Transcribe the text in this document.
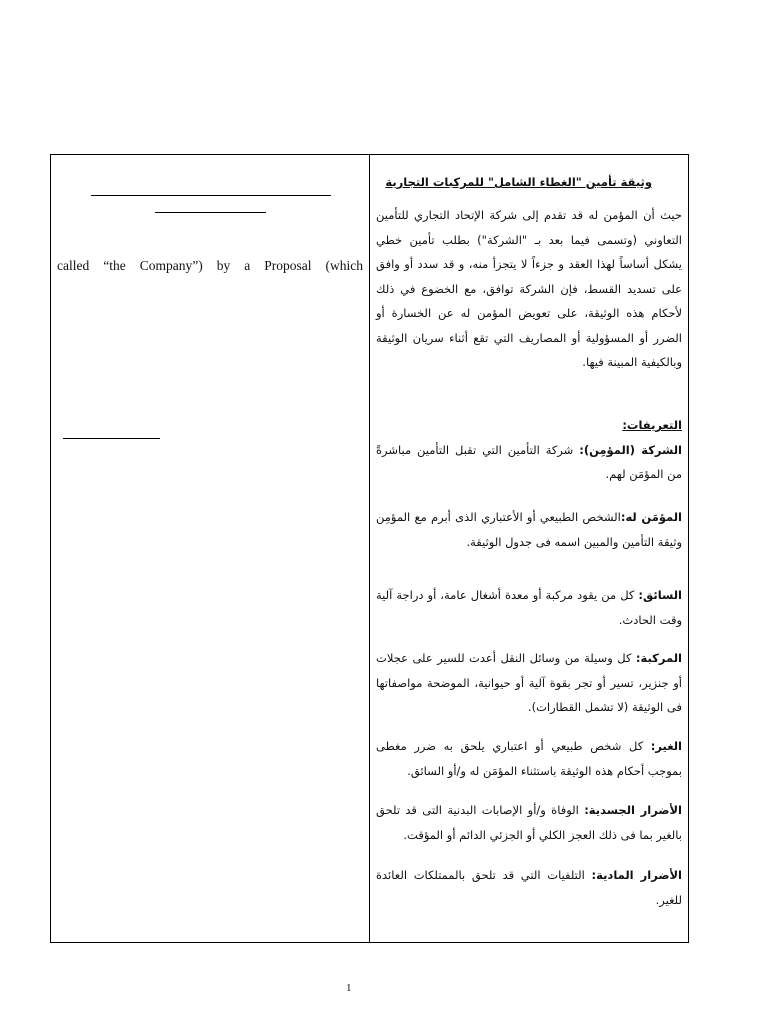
called “the Company”) by a Proposal (which
وثيقة تأمين "الغطاء الشامل" للمركبات التجارية
حيث أن المؤمن له قد تقدم إلى شركة الإتحاد التجاري للتأمين التعاوني (وتسمى فيما بعد بـ "الشركة") بطلب تأمين خطي يشكل أساساً لهذا العقد و جزءاً لا يتجزأ منه، و قد سدد أو وافق على تسديد القسط، فإن الشركة توافق، مع الخضوع في ذلك لأحكام هذه الوثيقة، على تعويض المؤمن له عن الخسارة أو الضرر أو المسؤولية أو المصاريف التي تقع أثناء سريان الوثيقة وبالكيفية المبينة فيها.
التعريفات:
الشركة (المؤمِن): شركة التأمين التي تقبل التأمين مباشرةً من المؤمَن لهم.
المؤمَن له:الشخص الطبيعي أو الأعتباري الذى أبرم مع المؤمِن وثيقة التأمين والمبين اسمه فى جدول الوثيقة.
السائق: كل من يقود مركبة أو معدة أشغال عامة، أو دراجة آلية وقت الحادث.
المركبة: كل وسيلة من وسائل النقل أعدت للسير على عجلات أو جنزير، تسير أو تجر بقوة آلية أو حيوانية، الموضحة مواصفاتها فى الوثيقة (لا تشمل القطارات).
الغير: كل شخص طبيعي أو اعتباري يلحق به ضرر مغطى بموجب أحكام هذه الوثيقة باستثناء المؤمَن له و/أو السائق.
الأضرار الجسدية: الوفاة و/أو الإصابات البدنية التى قد تلحق بالغير بما فى ذلك العجز الكلي أو الجزئي الدائم أو المؤقت.
الأضرار المادية: التلفيات التي قد تلحق بالممتلكات العائدة للغير.
1
